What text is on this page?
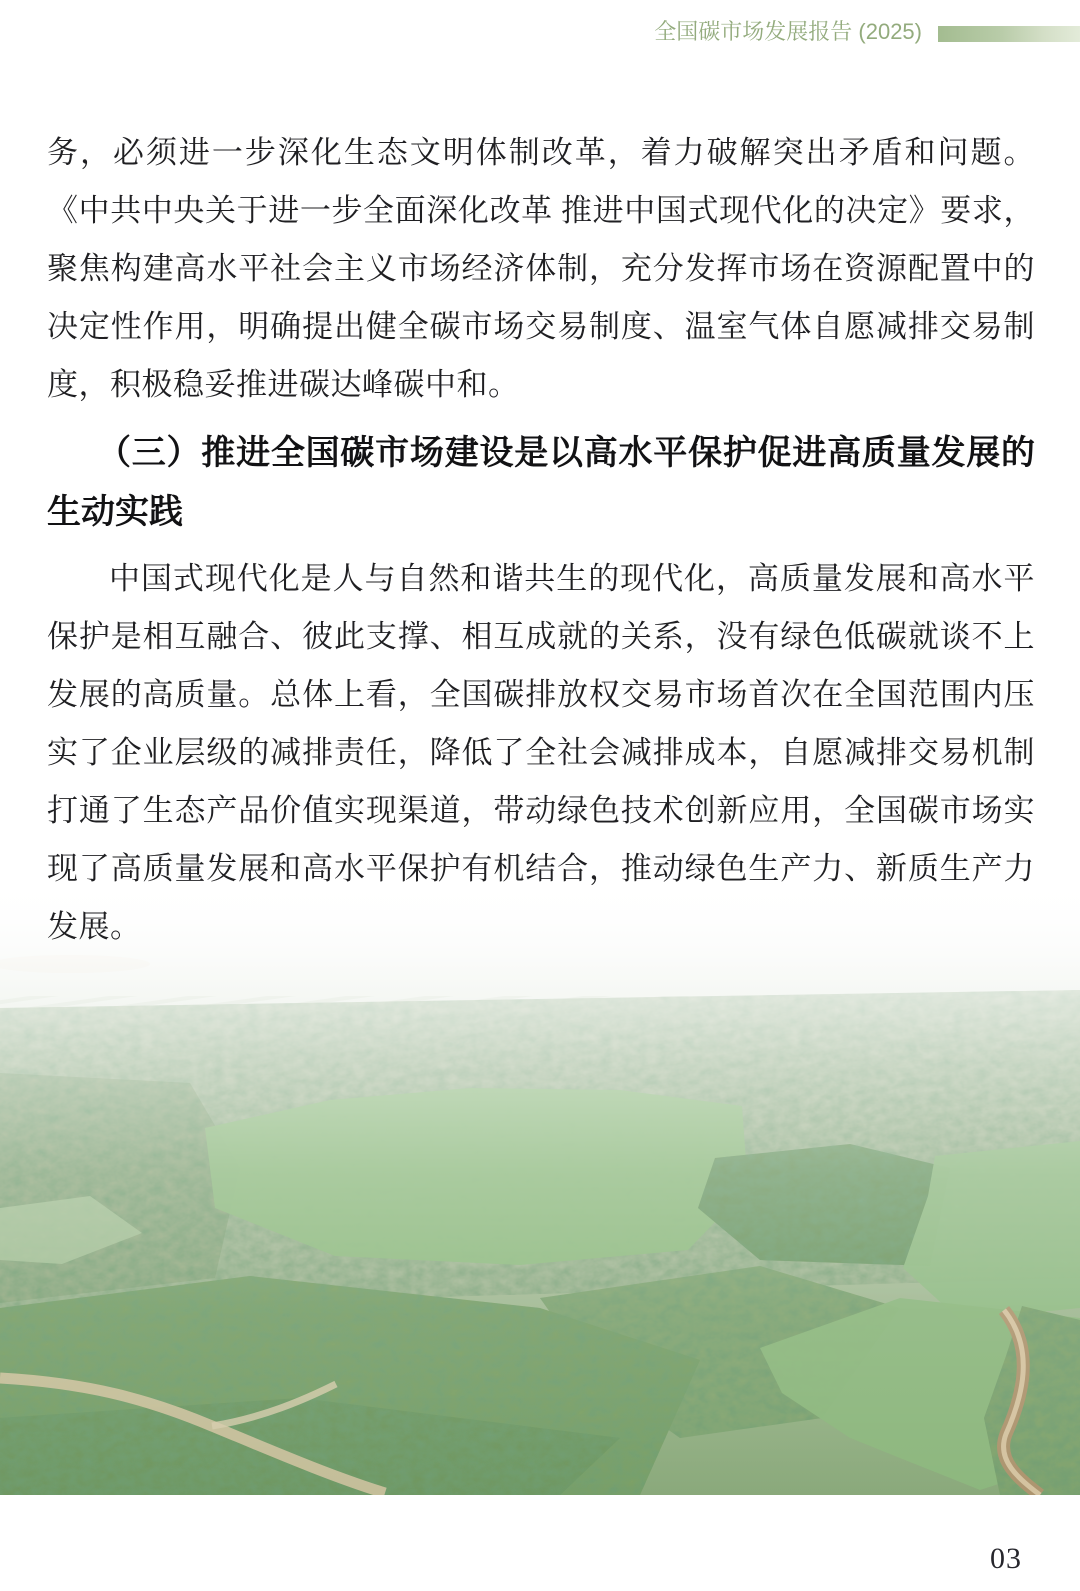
全国碳市场发展报告 (2025)

务，必须进一步深化生态文明体制改革，着力破解突出矛盾和问题。《中共中央关于进一步全面深化改革 推进中国式现代化的决定》要求，聚焦构建高水平社会主义市场经济体制，充分发挥市场在资源配置中的决定性作用，明确提出健全碳市场交易制度、温室气体自愿减排交易制度，积极稳妥推进碳达峰碳中和。

（三）推进全国碳市场建设是以高水平保护促进高质量发展的生动实践

中国式现代化是人与自然和谐共生的现代化，高质量发展和高水平保护是相互融合、彼此支撑、相互成就的关系，没有绿色低碳就谈不上发展的高质量。总体上看，全国碳排放权交易市场首次在全国范围内压实了企业层级的减排责任，降低了全社会减排成本，自愿减排交易机制打通了生态产品价值实现渠道，带动绿色技术创新应用，全国碳市场实现了高质量发展和高水平保护有机结合，推动绿色生产力、新质生产力发展。

03
